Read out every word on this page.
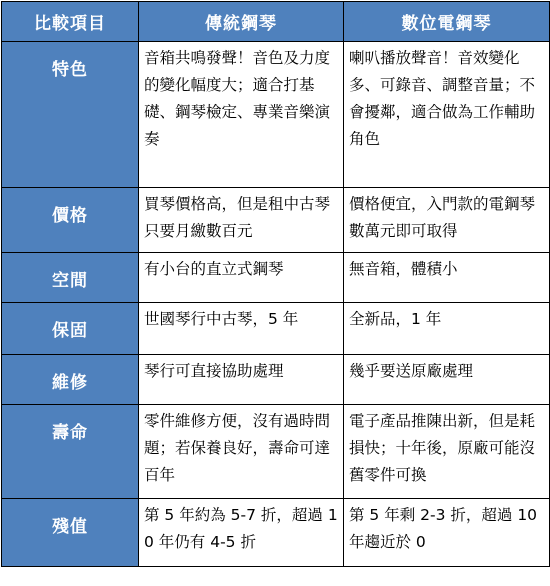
比較項目	傳統鋼琴	數位電鋼琴
特色	音箱共鳴發聲！音色及力度的變化幅度大；適合打基礎、鋼琴檢定、專業音樂演奏	喇叭播放聲音！音效變化多、可錄音、調整音量；不會擾鄰，適合做為工作輔助角色
價格	買琴價格高，但是租中古琴只要月繳數百元	價格便宜，入門款的電鋼琴數萬元即可取得
空間	有小台的直立式鋼琴	無音箱，體積小
保固	世國琴行中古琴，5 年	全新品，1 年
維修	琴行可直接協助處理	幾乎要送原廠處理
壽命	零件維修方便，沒有過時問題；若保養良好，壽命可達百年	電子產品推陳出新，但是耗損快；十年後，原廠可能沒舊零件可換
殘值	第 5 年約為 5-7 折，超過 10 年仍有 4-5 折	第 5 年剩 2-3 折，超過 10 年趨近於 0
